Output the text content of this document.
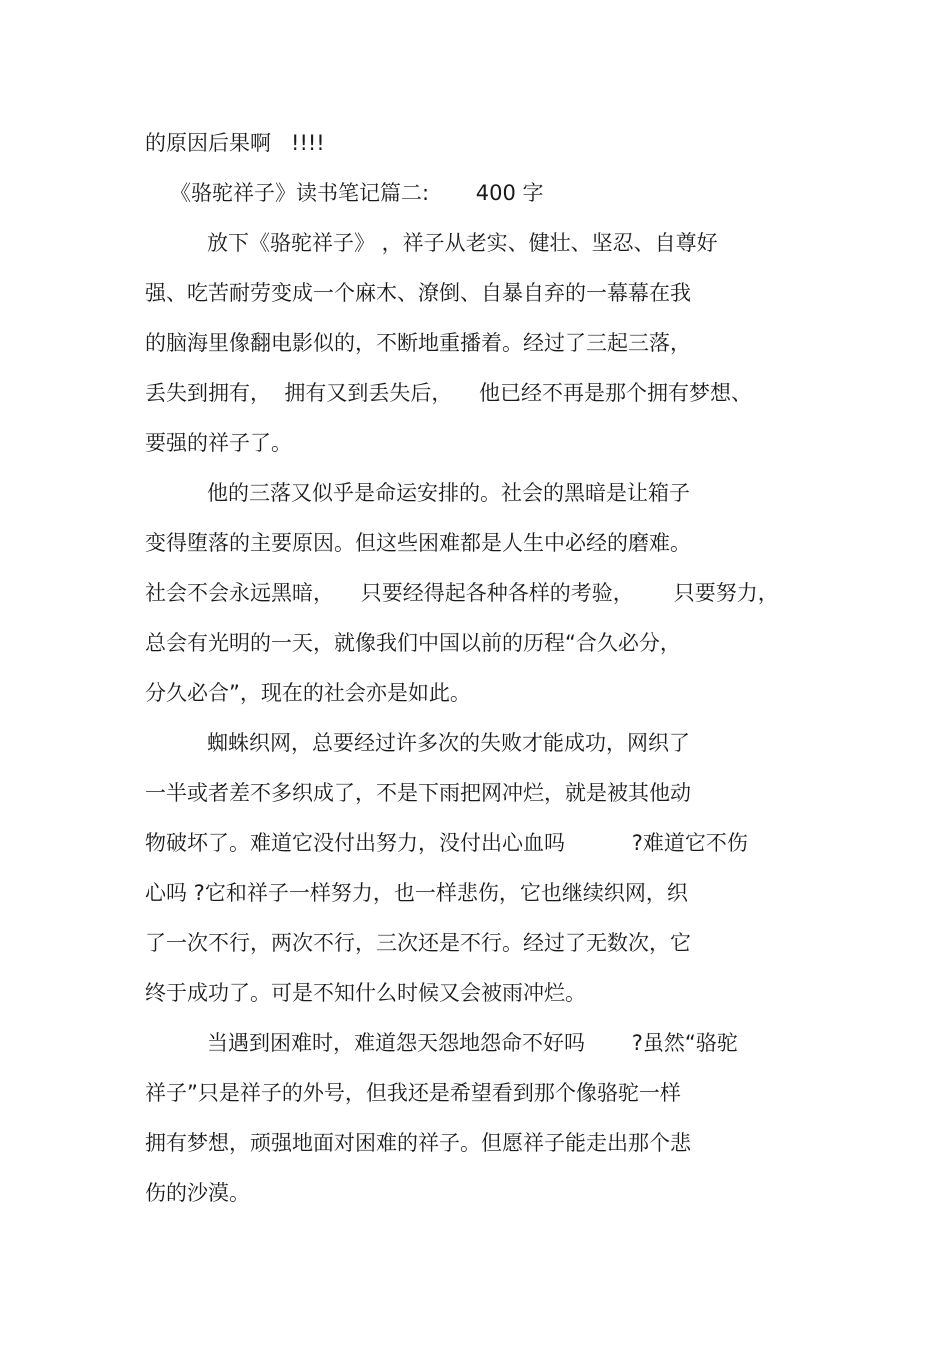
的原因后果啊   !!!!
《骆驼祥子》读书笔记篇二:       400 字
放下《骆驼祥子》 ，祥子从老实、健壮、坚忍、自尊好
强、吃苦耐劳变成一个麻木、潦倒、自暴自弃的一幕幕在我
的脑海里像翻电影似的，不断地重播着。经过了三起三落，
丢失到拥有，  拥有又到丢失后，    他已经不再是那个拥有梦想、
要强的祥子了。
他的三落又似乎是命运安排的。社会的黑暗是让箱子
变得堕落的主要原因。但这些困难都是人生中必经的磨难。
社会不会永远黑暗，    只要经得起各种各样的考验，      只要努力，
总会有光明的一天，就像我们中国以前的历程“合久必分，
分久必合”，现在的社会亦是如此。
蜘蛛织网，总要经过许多次的失败才能成功，网织了
一半或者差不多织成了，不是下雨把网冲烂，就是被其他动
物破坏了。难道它没付出努力，没付出心血吗          ?难道它不伤
心吗 ?它和祥子一样努力，也一样悲伤，它也继续织网，织
了一次不行，两次不行，三次还是不行。经过了无数次，它
终于成功了。可是不知什么时候又会被雨冲烂。
当遇到困难时，难道怨天怨地怨命不好吗       ?虽然“骆驼
祥子”只是祥子的外号，但我还是希望看到那个像骆驼一样
拥有梦想，顽强地面对困难的祥子。但愿祥子能走出那个悲
伤的沙漠。
